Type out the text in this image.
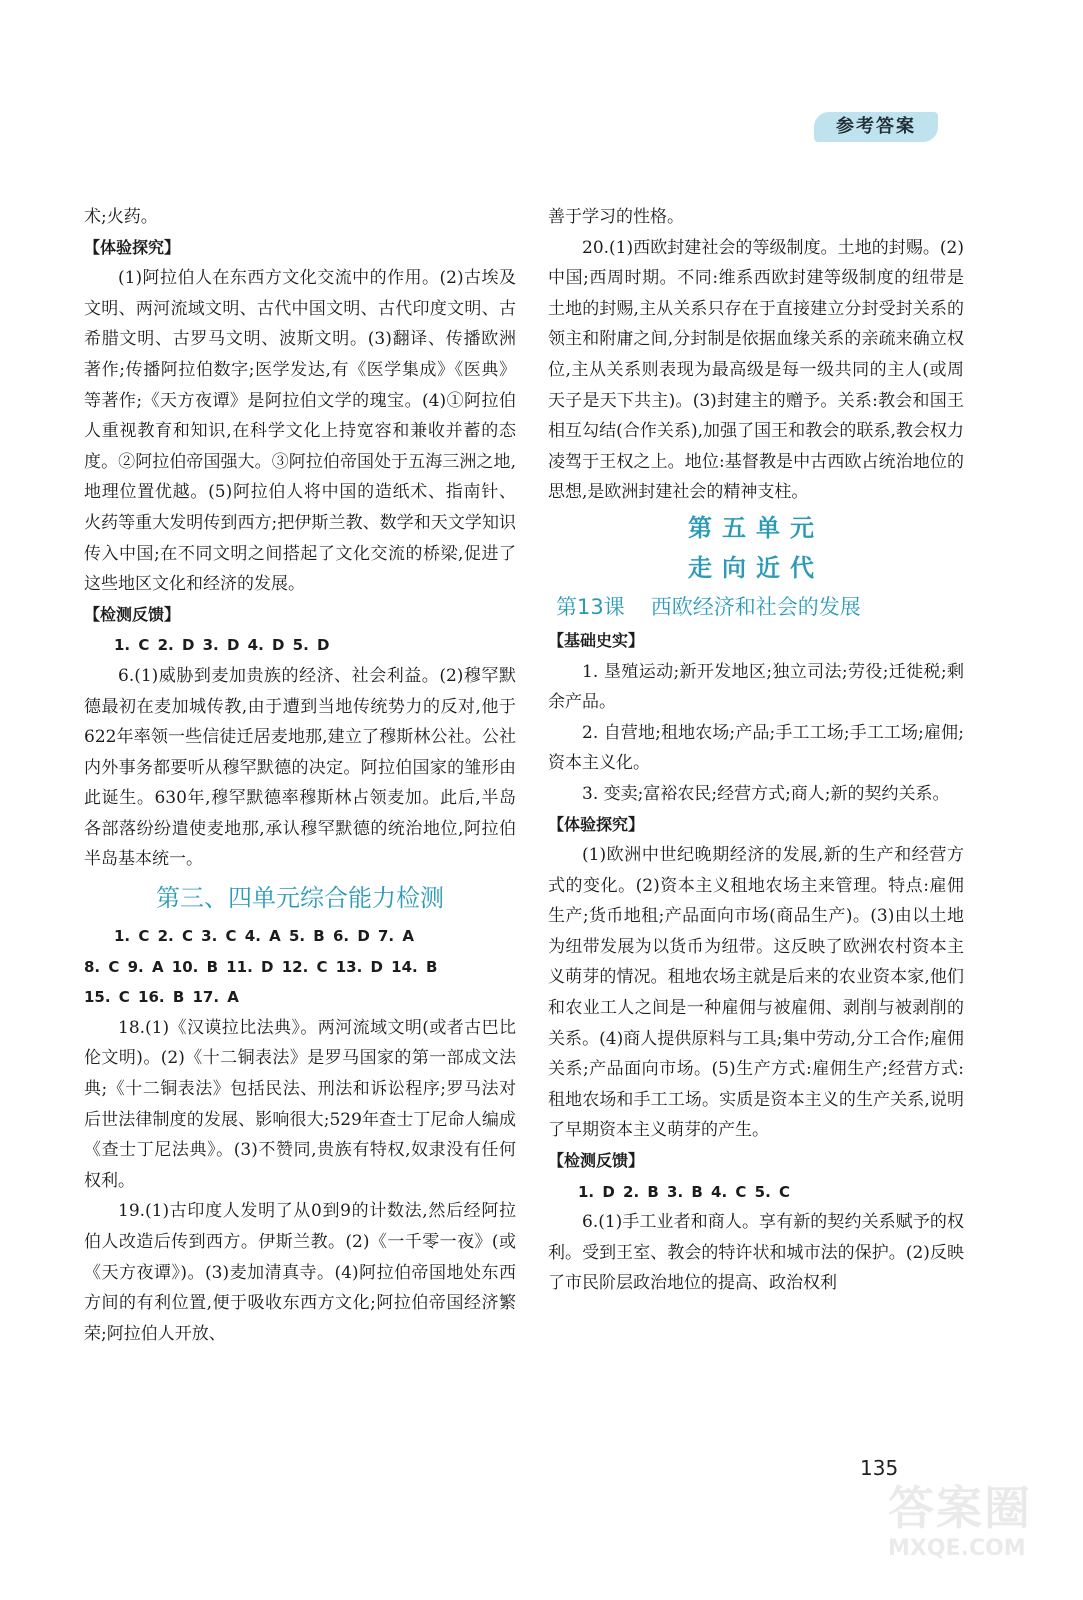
参考答案

术;火药。

【体验探究】

(1)阿拉伯人在东西方文化交流中的作用。(2)古埃及文明、两河流域文明、古代中国文明、古代印度文明、古希腊文明、古罗马文明、波斯文明。(3)翻译、传播欧洲著作;传播阿拉伯数字;医学发达,有《医学集成》《医典》等著作;《天方夜谭》是阿拉伯文学的瑰宝。(4)①阿拉伯人重视教育和知识,在科学文化上持宽容和兼收并蓄的态度。②阿拉伯帝国强大。③阿拉伯帝国处于五海三洲之地,地理位置优越。(5)阿拉伯人将中国的造纸术、指南针、火药等重大发明传到西方;把伊斯兰教、数学和天文学知识传入中国;在不同文明之间搭起了文化交流的桥梁,促进了这些地区文化和经济的发展。

【检测反馈】

1. C 2. D 3. D 4. D 5. D

6.(1)威胁到麦加贵族的经济、社会利益。(2)穆罕默德最初在麦加城传教,由于遭到当地传统势力的反对,他于622年率领一些信徒迁居麦地那,建立了穆斯林公社。公社内外事务都要听从穆罕默德的决定。阿拉伯国家的雏形由此诞生。630年,穆罕默德率穆斯林占领麦加。此后,半岛各部落纷纷遣使麦地那,承认穆罕默德的统治地位,阿拉伯半岛基本统一。

第三、四单元综合能力检测

1. C 2. C 3. C 4. A 5. B 6. D 7. A

8. C 9. A 10. B 11. D 12. C 13. D 14. B

15. C 16. B 17. A

18.(1)《汉谟拉比法典》。两河流域文明(或者古巴比伦文明)。(2)《十二铜表法》是罗马国家的第一部成文法典;《十二铜表法》包括民法、刑法和诉讼程序;罗马法对后世法律制度的发展、影响很大;529年查士丁尼命人编成《查士丁尼法典》。(3)不赞同,贵族有特权,奴隶没有任何权利。

19.(1)古印度人发明了从0到9的计数法,然后经阿拉伯人改造后传到西方。伊斯兰教。(2)《一千零一夜》(或《天方夜谭》)。(3)麦加清真寺。(4)阿拉伯帝国地处东西方间的有利位置,便于吸收东西方文化;阿拉伯帝国经济繁荣;阿拉伯人开放、

善于学习的性格。

20.(1)西欧封建社会的等级制度。土地的封赐。(2)中国;西周时期。不同:维系西欧封建等级制度的纽带是土地的封赐,主从关系只存在于直接建立分封受封关系的领主和附庸之间,分封制是依据血缘关系的亲疏来确立权位,主从关系则表现为最高级是每一级共同的主人(或周天子是天下共主)。(3)封建主的赠予。关系:教会和国王相互勾结(合作关系),加强了国王和教会的联系,教会权力凌驾于王权之上。地位:基督教是中古西欧占统治地位的思想,是欧洲封建社会的精神支柱。

第五单元
走向近代
第13课 西欧经济和社会的发展

【基础史实】

1. 垦殖运动;新开发地区;独立司法;劳役;迁徙税;剩余产品。

2. 自营地;租地农场;产品;手工工场;手工工场;雇佣;资本主义化。

3. 变卖;富裕农民;经营方式;商人;新的契约关系。

【体验探究】

(1)欧洲中世纪晚期经济的发展,新的生产和经营方式的变化。(2)资本主义租地农场主来管理。特点:雇佣生产;货币地租;产品面向市场(商品生产)。(3)由以土地为纽带发展为以货币为纽带。这反映了欧洲农村资本主义萌芽的情况。租地农场主就是后来的农业资本家,他们和农业工人之间是一种雇佣与被雇佣、剥削与被剥削的关系。(4)商人提供原料与工具;集中劳动,分工合作;雇佣关系;产品面向市场。(5)生产方式:雇佣生产;经营方式:租地农场和手工工场。实质是资本主义的生产关系,说明了早期资本主义萌芽的产生。

【检测反馈】

1. D 2. B 3. B 4. C 5. C

6.(1)手工业者和商人。享有新的契约关系赋予的权利。受到王室、教会的特许状和城市法的保护。(2)反映了市民阶层政治地位的提高、政治权利

135
答案圈
MXQE.COM
